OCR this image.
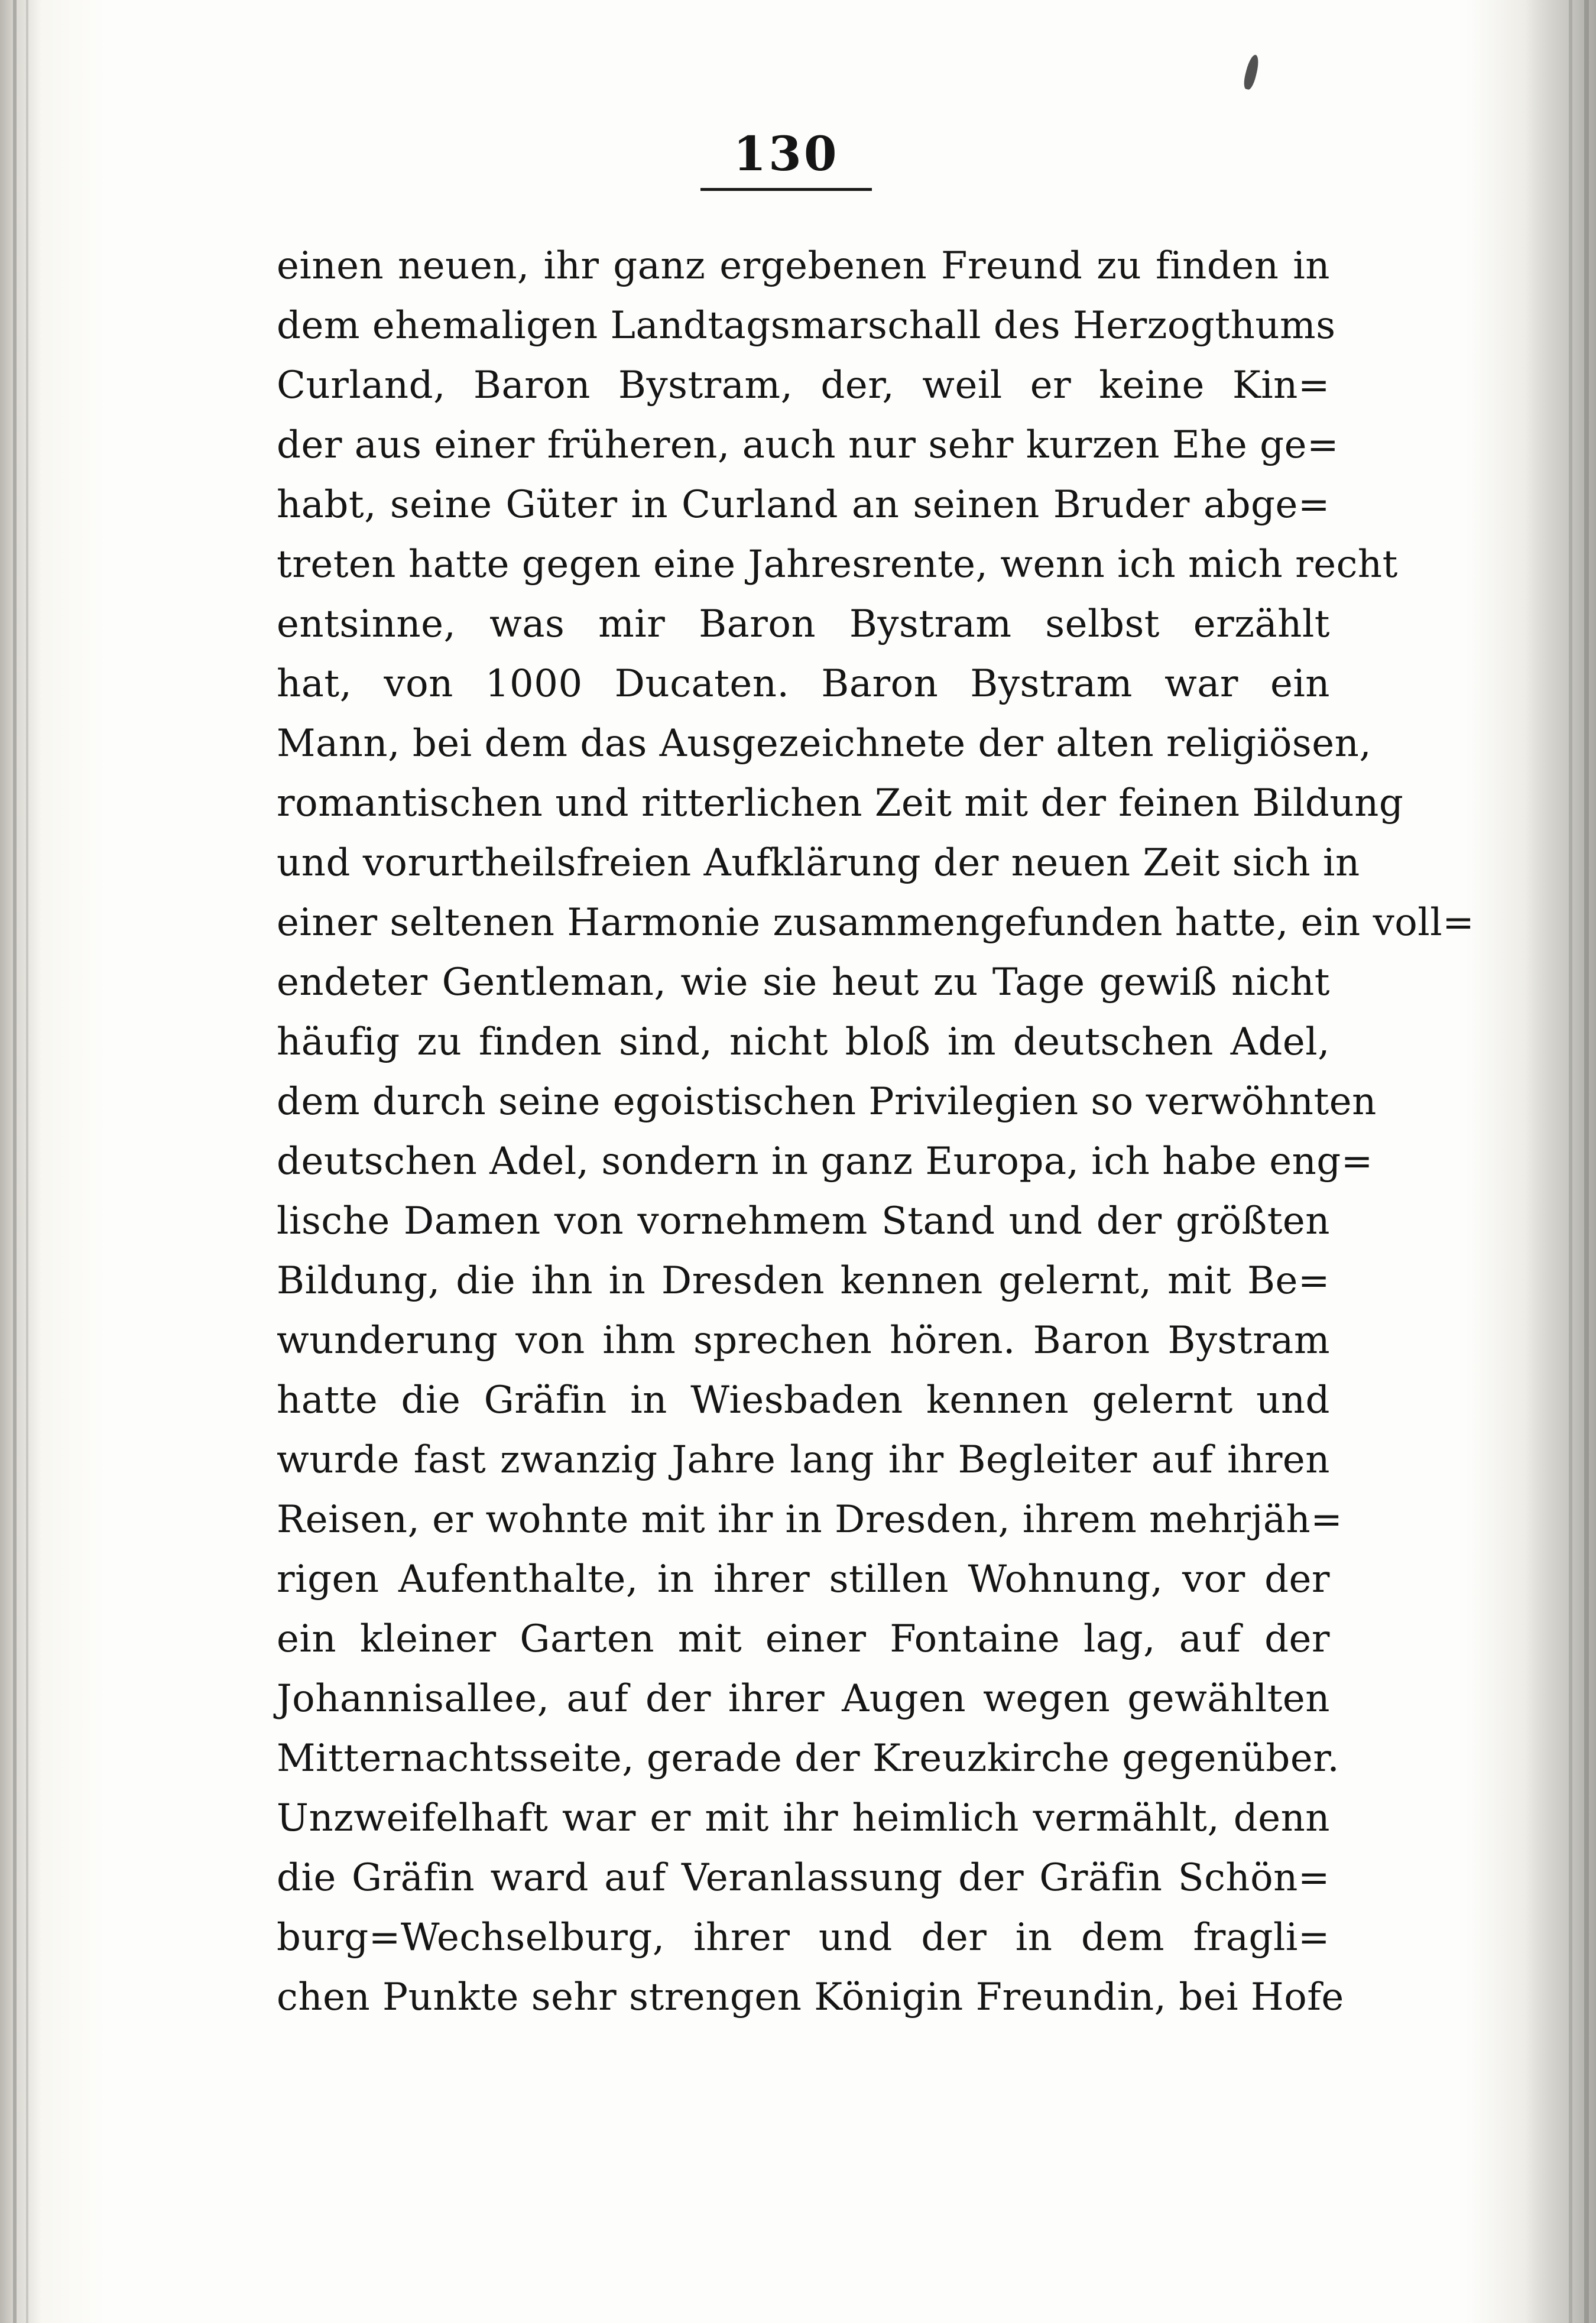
130
einen neuen, ihr ganz ergebenen Freund zu finden in
dem ehemaligen Landtagsmarschall des Herzogthums
Curland, Baron Bystram, der, weil er keine Kin=
der aus einer früheren, auch nur sehr kurzen Ehe ge=
habt, seine Güter in Curland an seinen Bruder abge=
treten hatte gegen eine Jahresrente, wenn ich mich recht
entsinne, was mir Baron Bystram selbst erzählt
hat, von 1000 Ducaten. Baron Bystram war ein
Mann, bei dem das Ausgezeichnete der alten religiösen,
romantischen und ritterlichen Zeit mit der feinen Bildung
und vorurtheilsfreien Aufklärung der neuen Zeit sich in
einer seltenen Harmonie zusammengefunden hatte, ein voll=
endeter Gentleman, wie sie heut zu Tage gewiß nicht
häufig zu finden sind, nicht bloß im deutschen Adel,
dem durch seine egoistischen Privilegien so verwöhnten
deutschen Adel, sondern in ganz Europa, ich habe eng=
lische Damen von vornehmem Stand und der größten
Bildung, die ihn in Dresden kennen gelernt, mit Be=
wunderung von ihm sprechen hören. Baron Bystram
hatte die Gräfin in Wiesbaden kennen gelernt und
wurde fast zwanzig Jahre lang ihr Begleiter auf ihren
Reisen, er wohnte mit ihr in Dresden, ihrem mehrjäh=
rigen Aufenthalte, in ihrer stillen Wohnung, vor der
ein kleiner Garten mit einer Fontaine lag, auf der
Johannisallee, auf der ihrer Augen wegen gewählten
Mitternachtsseite, gerade der Kreuzkirche gegenüber.
Unzweifelhaft war er mit ihr heimlich vermählt, denn
die Gräfin ward auf Veranlassung der Gräfin Schön=
burg=Wechselburg, ihrer und der in dem fragli=
chen Punkte sehr strengen Königin Freundin, bei Hofe
